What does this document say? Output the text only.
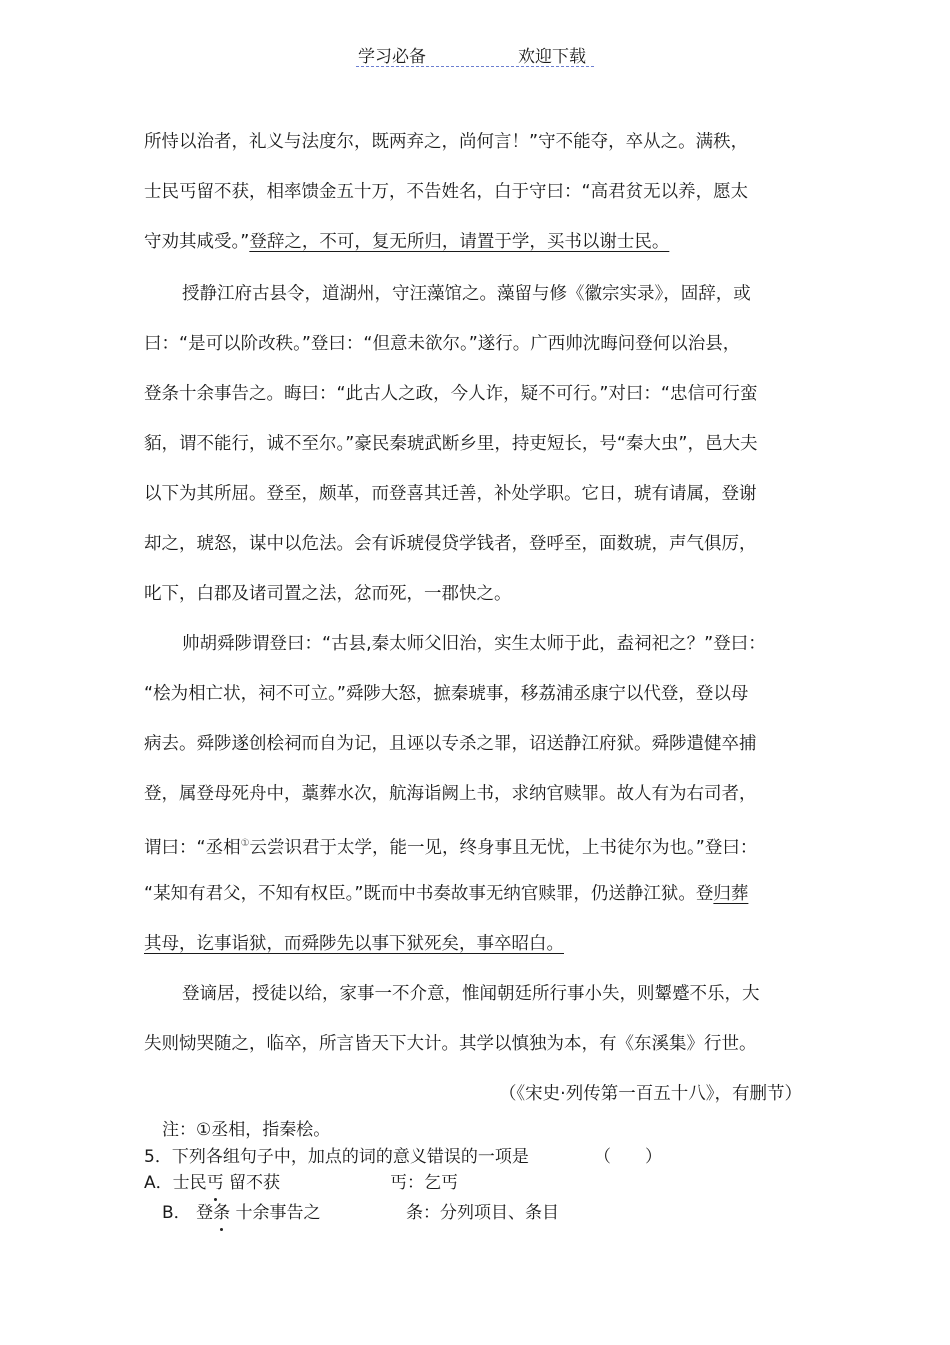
学习必备	欢迎下载
所恃以治者，礼义与法度尔，既两弃之，尚何言！”守不能夺，卒从之。满秩，
士民丐留不获，相率馈金五十万，不告姓名，白于守曰：“高君贫无以养，愿太
守劝其咸受。”登辞之，不可，复无所归，请置于学，买书以谢士民。
授静江府古县令，道湖州，守汪藻馆之。藻留与修《徽宗实录》，固辞，或
曰：“是可以阶改秩。”登曰：“但意未欲尔。”遂行。广西帅沈晦问登何以治县，
登条十余事告之。晦曰：“此古人之政，今人诈，疑不可行。”对曰：“忠信可行蛮
貊，谓不能行，诚不至尔。”豪民秦琥武断乡里，持吏短长，号“秦大虫”，邑大夫
以下为其所屈。登至，颇革，而登喜其迁善，补处学职。它日，琥有请属，登谢
却之，琥怒，谋中以危法。会有诉琥侵贷学钱者，登呼至，面数琥，声气俱厉，
叱下，白郡及诸司置之法，忿而死，一郡快之。
帅胡舜陟谓登曰：“古县,秦太师父旧治，实生太师于此，盍祠祀之？”登曰：
“桧为相亡状，祠不可立。”舜陟大怒，摭秦琥事，移荔浦丞康宁以代登，登以母
病去。舜陟遂创桧祠而自为记，且诬以专杀之罪，诏送静江府狱。舜陟遣健卒捕
登，属登母死舟中，藁葬水次，航海诣阙上书，求纳官赎罪。故人有为右司者，
谓曰：“丞相①云尝识君于太学，能一见，终身事且无忧，上书徒尔为也。”登曰：
“某知有君父，不知有权臣。”既而中书奏故事无纳官赎罪，仍送静江狱。登归葬
其母，讫事诣狱，而舜陟先以事下狱死矣，事卒昭白。
登谪居，授徒以给，家事一不介意，惟闻朝廷所行事小失，则颦蹙不乐，大
失则恸哭随之，临卒，所言皆天下大计。其学以慎独为本，有《东溪集》行世。
（《宋史·列传第一百五十八》，有删节）
注：①丞相，指秦桧。
5．下列各组句子中，加点的词的意义错误的一项是	（　　）
A．士民丐 留不获	丐：乞丐
B． 登条 十余事告之	条：分列项目、条目
